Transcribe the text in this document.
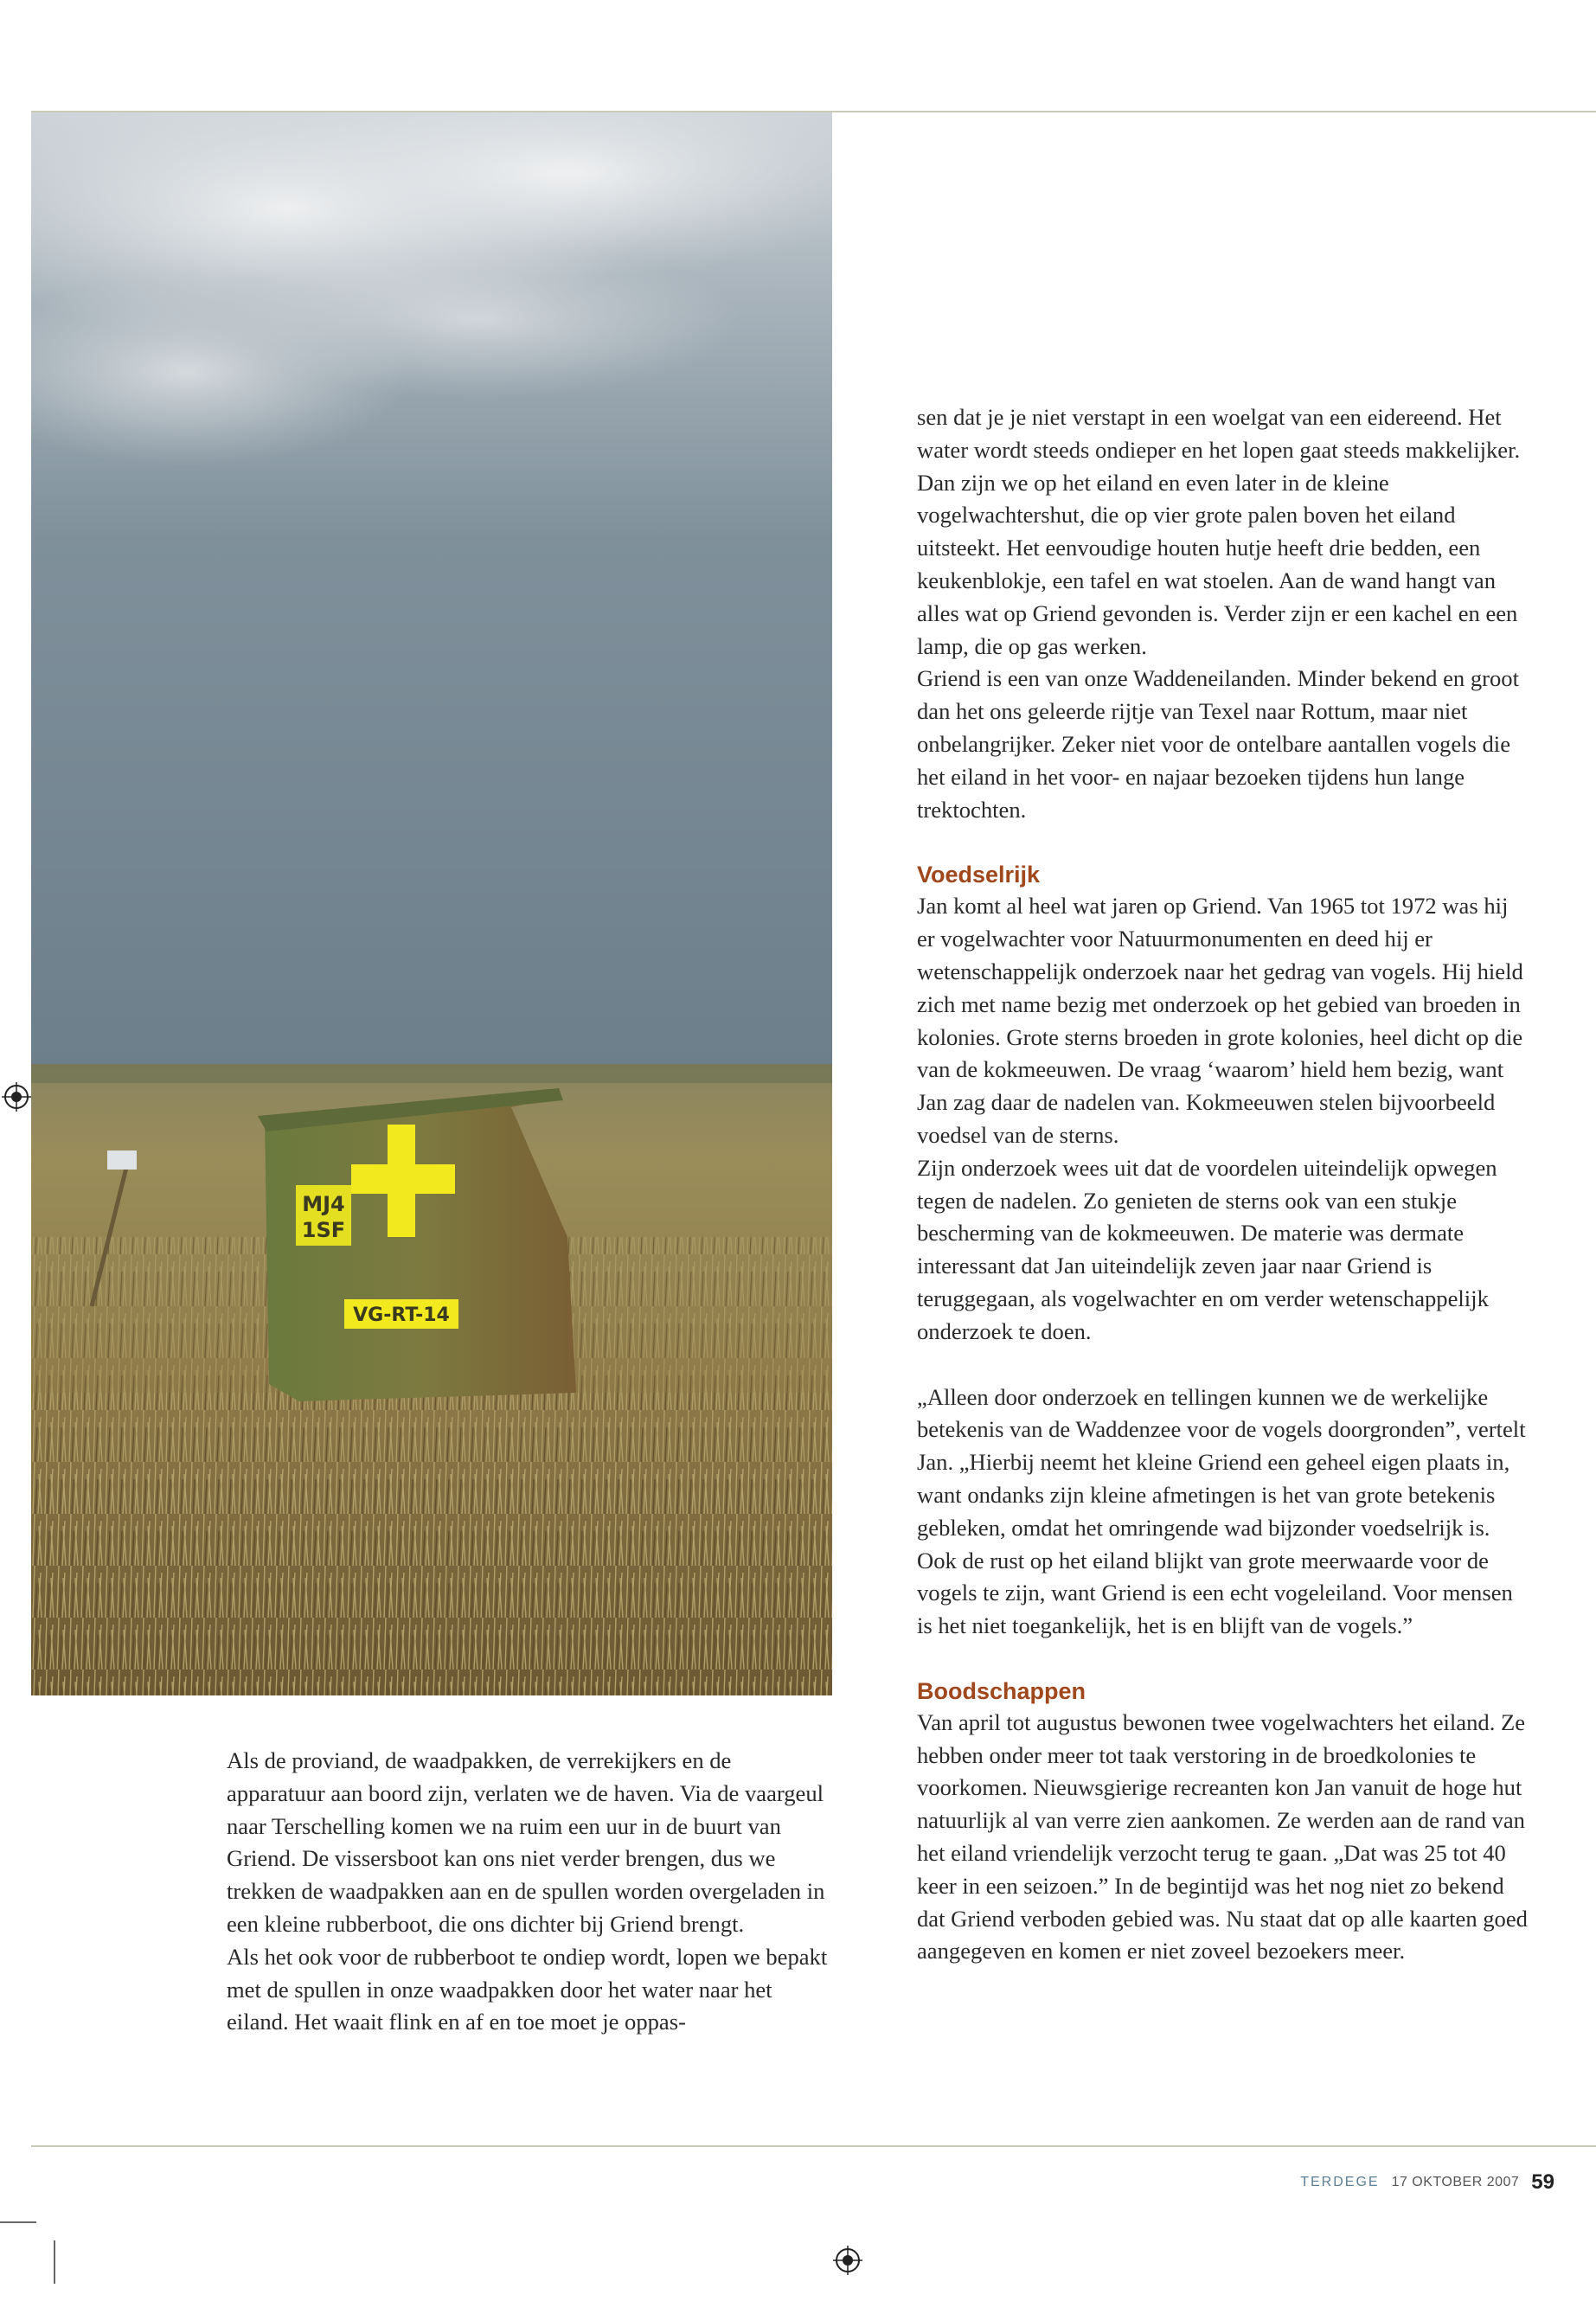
MJ4
1SF
VG-RT-14

Als de proviand, de waadpakken, de verrekijkers en de apparatuur aan boord zijn, verlaten we de haven. Via de vaargeul naar Terschelling komen we na ruim een uur in de buurt van Griend. De vissersboot kan ons niet verder brengen, dus we trekken de waadpakken aan en de spullen worden overgeladen in een kleine rubberboot, die ons dichter bij Griend brengt.

Als het ook voor de rubberboot te ondiep wordt, lopen we bepakt met de spullen in onze waadpakken door het water naar het eiland. Het waait flink en af en toe moet je oppas-

sen dat je je niet verstapt in een woelgat van een eidereend. Het water wordt steeds ondieper en het lopen gaat steeds makkelijker. Dan zijn we op het eiland en even later in de kleine vogelwachtershut, die op vier grote palen boven het eiland uitsteekt. Het eenvoudige houten hutje heeft drie bedden, een keukenblokje, een tafel en wat stoelen. Aan de wand hangt van alles wat op Griend gevonden is. Verder zijn er een kachel en een lamp, die op gas werken.

Griend is een van onze Waddeneilanden. Minder bekend en groot dan het ons geleerde rijtje van Texel naar Rottum, maar niet onbelangrijker. Zeker niet voor de ontelbare aantallen vogels die het eiland in het voor- en najaar bezoeken tijdens hun lange trektochten.

Voedselrijk

Jan komt al heel wat jaren op Griend. Van 1965 tot 1972 was hij er vogelwachter voor Natuurmonumenten en deed hij er wetenschappelijk onderzoek naar het gedrag van vogels. Hij hield zich met name bezig met onderzoek op het gebied van broeden in kolonies. Grote sterns broeden in grote kolonies, heel dicht op die van de kokmeeuwen. De vraag ‘waarom’ hield hem bezig, want Jan zag daar de nadelen van. Kokmeeuwen stelen bijvoorbeeld voedsel van de sterns.

Zijn onderzoek wees uit dat de voordelen uiteindelijk opwegen tegen de nadelen. Zo genieten de sterns ook van een stukje bescherming van de kokmeeuwen. De materie was dermate interessant dat Jan uiteindelijk zeven jaar naar Griend is teruggegaan, als vogelwachter en om verder wetenschappelijk onderzoek te doen.

„Alleen door onderzoek en tellingen kunnen we de werkelijke betekenis van de Waddenzee voor de vogels doorgronden”, vertelt Jan. „Hierbij neemt het kleine Griend een geheel eigen plaats in, want ondanks zijn kleine afmetingen is het van grote betekenis gebleken, omdat het omringende wad bijzonder voedselrijk is. Ook de rust op het eiland blijkt van grote meerwaarde voor de vogels te zijn, want Griend is een echt vogeleiland. Voor mensen is het niet toegankelijk, het is en blijft van de vogels.”

Boodschappen

Van april tot augustus bewonen twee vogelwachters het eiland. Ze hebben onder meer tot taak verstoring in de broedkolonies te voorkomen. Nieuwsgierige recreanten kon Jan vanuit de hoge hut natuurlijk al van verre zien aankomen. Ze werden aan de rand van het eiland vriendelijk verzocht terug te gaan. „Dat was 25 tot 40 keer in een seizoen.” In de begintijd was het nog niet zo bekend dat Griend verboden gebied was. Nu staat dat op alle kaarten goed aangegeven en komen er niet zoveel bezoekers meer.

TERDEGE 17 OKTOBER 2007 59
